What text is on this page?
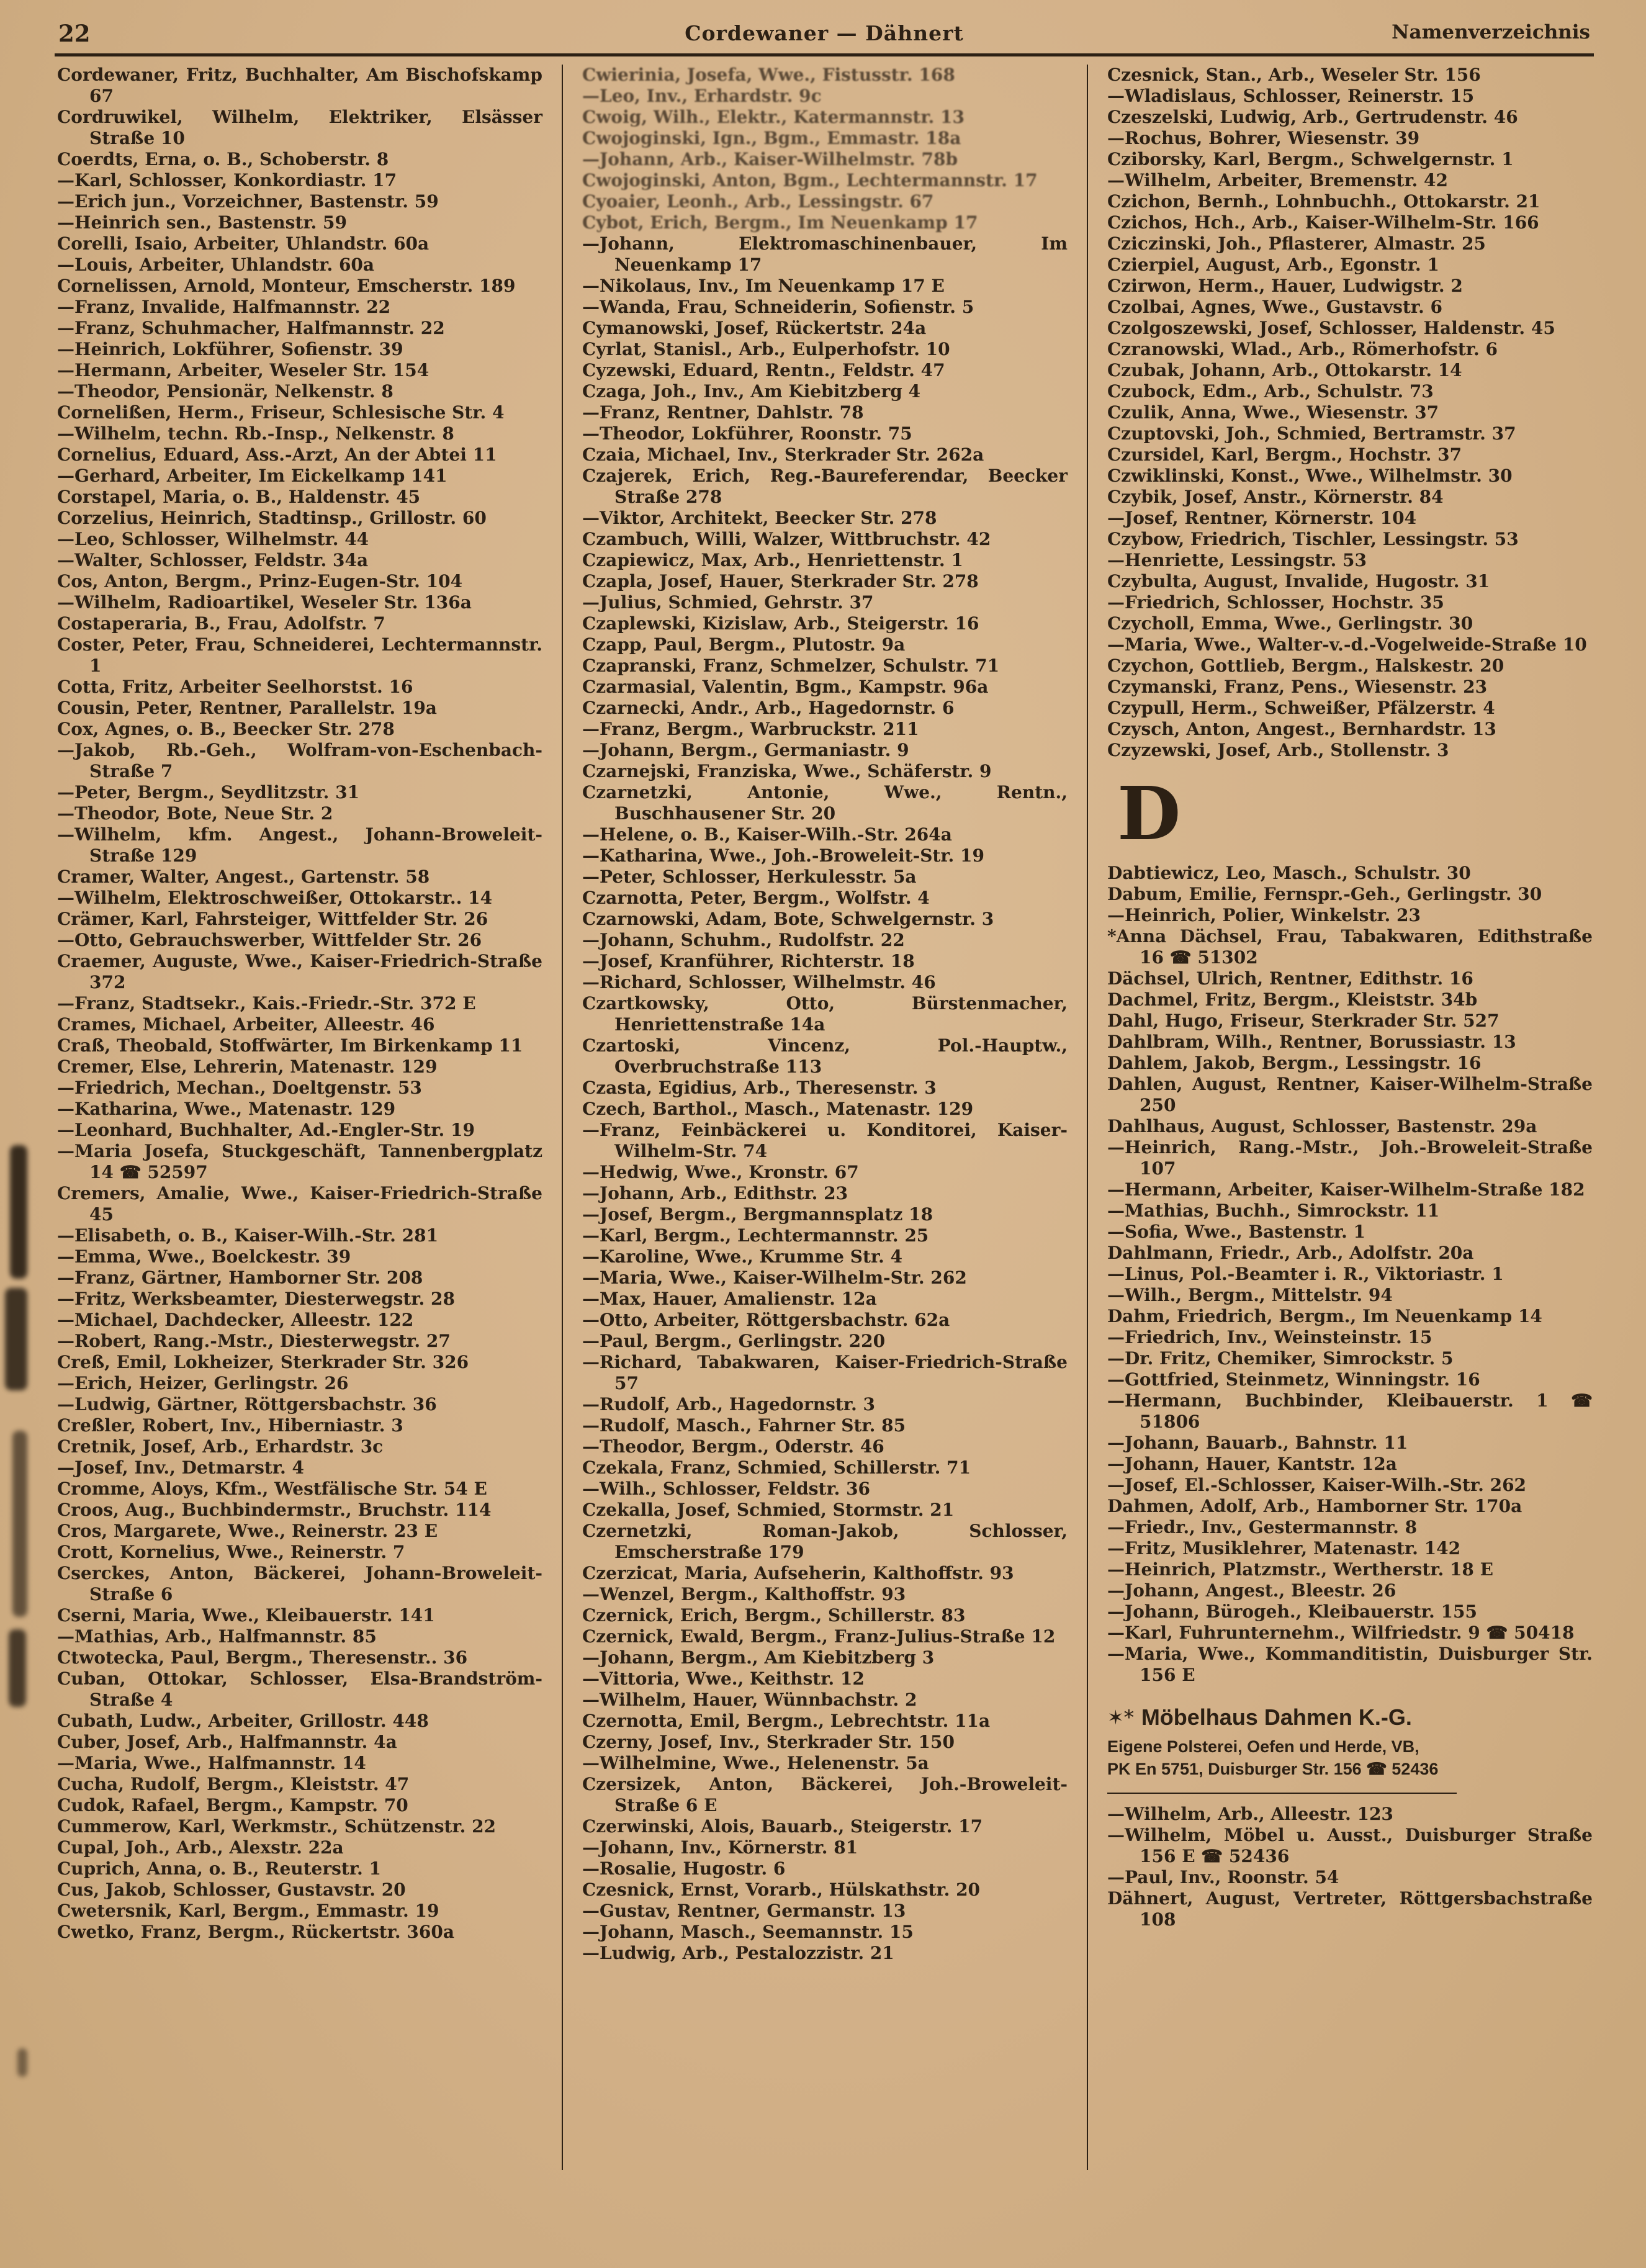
22	Cordewaner — Dähnert	Namenverzeichnis

Cordewaner, Fritz, Buchhalter, Am Bischofskamp 67

Cordruwikel, Wilhelm, Elektriker, Elsässer Straße 10

Coerdts, Erna, o. B., Schoberstr. 8

—Karl, Schlosser, Konkordiastr. 17

—Erich jun., Vorzeichner, Bastenstr. 59

—Heinrich sen., Bastenstr. 59

Corelli, Isaio, Arbeiter, Uhlandstr. 60a

—Louis, Arbeiter, Uhlandstr. 60a

Cornelissen, Arnold, Monteur, Emscherstr. 189

—Franz, Invalide, Halfmannstr. 22

—Franz, Schuhmacher, Halfmannstr. 22

—Heinrich, Lokführer, Sofienstr. 39

—Hermann, Arbeiter, Weseler Str. 154

—Theodor, Pensionär, Nelkenstr. 8

Cornelißen, Herm., Friseur, Schlesische Str. 4

—Wilhelm, techn. Rb.-Insp., Nelkenstr. 8

Cornelius, Eduard, Ass.-Arzt, An der Abtei 11

—Gerhard, Arbeiter, Im Eickelkamp 141

Corstapel, Maria, o. B., Haldenstr. 45

Corzelius, Heinrich, Stadtinsp., Grillostr. 60

—Leo, Schlosser, Wilhelmstr. 44

—Walter, Schlosser, Feldstr. 34a

Cos, Anton, Bergm., Prinz-Eugen-Str. 104

—Wilhelm, Radioartikel, Weseler Str. 136a

Costaperaria, B., Frau, Adolfstr. 7

Coster, Peter, Frau, Schneiderei, Lechtermannstr. 1

Cotta, Fritz, Arbeiter Seelhorstst. 16

Cousin, Peter, Rentner, Parallelstr. 19a

Cox, Agnes, o. B., Beecker Str. 278

—Jakob, Rb.-Geh., Wolfram-von-Eschenbach-Straße 7

—Peter, Bergm., Seydlitzstr. 31

—Theodor, Bote, Neue Str. 2

—Wilhelm, kfm. Angest., Johann-Broweleit-Straße 129

Cramer, Walter, Angest., Gartenstr. 58

—Wilhelm, Elektroschweißer, Ottokarstr.. 14

Crämer, Karl, Fahrsteiger, Wittfelder Str. 26

—Otto, Gebrauchswerber, Wittfelder Str. 26

Craemer, Auguste, Wwe., Kaiser-Friedrich-Straße 372

—Franz, Stadtsekr., Kais.-Friedr.-Str. 372 E

Crames, Michael, Arbeiter, Alleestr. 46

Craß, Theobald, Stoffwärter, Im Birkenkamp 11

Cremer, Else, Lehrerin, Matenastr. 129

—Friedrich, Mechan., Doeltgenstr. 53

—Katharina, Wwe., Matenastr. 129

—Leonhard, Buchhalter, Ad.-Engler-Str. 19

—Maria Josefa, Stuckgeschäft, Tannenbergplatz 14 ☎ 52597

Cremers, Amalie, Wwe., Kaiser-Friedrich-Straße 45

—Elisabeth, o. B., Kaiser-Wilh.-Str. 281

—Emma, Wwe., Boelckestr. 39

—Franz, Gärtner, Hamborner Str. 208

—Fritz, Werksbeamter, Diesterwegstr. 28

—Michael, Dachdecker, Alleestr. 122

—Robert, Rang.-Mstr., Diesterwegstr. 27

Creß, Emil, Lokheizer, Sterkrader Str. 326

—Erich, Heizer, Gerlingstr. 26

—Ludwig, Gärtner, Röttgersbachstr. 36

Creßler, Robert, Inv., Hiberniastr. 3

Cretnik, Josef, Arb., Erhardstr. 3c

—Josef, Inv., Detmarstr. 4

Cromme, Aloys, Kfm., Westfälische Str. 54 E

Croos, Aug., Buchbindermstr., Bruchstr. 114

Cros, Margarete, Wwe., Reinerstr. 23 E

Crott, Kornelius, Wwe., Reinerstr. 7

Cserckes, Anton, Bäckerei, Johann-Broweleit-Straße 6

Cserni, Maria, Wwe., Kleibauerstr. 141

—Mathias, Arb., Halfmannstr. 85

Ctwotecka, Paul, Bergm., Theresenstr.. 36

Cuban, Ottokar, Schlosser, Elsa-Brandström-Straße 4

Cubath, Ludw., Arbeiter, Grillostr. 448

Cuber, Josef, Arb., Halfmannstr. 4a

—Maria, Wwe., Halfmannstr. 14

Cucha, Rudolf, Bergm., Kleiststr. 47

Cudok, Rafael, Bergm., Kampstr. 70

Cummerow, Karl, Werkmstr., Schützenstr. 22

Cupal, Joh., Arb., Alexstr. 22a

Cuprich, Anna, o. B., Reuterstr. 1

Cus, Jakob, Schlosser, Gustavstr. 20

Cwetersnik, Karl, Bergm., Emmastr. 19

Cwetko, Franz, Bergm., Rückertstr. 360a

Cwierinia, Josefa, Wwe., Fistusstr. 168

—Leo, Inv., Erhardstr. 9c

Cwoig, Wilh., Elektr., Katermannstr. 13

Cwojoginski, Ign., Bgm., Emmastr. 18a

—Johann, Arb., Kaiser-Wilhelmstr. 78b

Cwojoginski, Anton, Bgm., Lechtermannstr. 17

Cyoaier, Leonh., Arb., Lessingstr. 67

Cybot, Erich, Bergm., Im Neuenkamp 17

—Johann, Elektromaschinenbauer, Im Neuenkamp 17

—Nikolaus, Inv., Im Neuenkamp 17 E

—Wanda, Frau, Schneiderin, Sofienstr. 5

Cymanowski, Josef, Rückertstr. 24a

Cyrlat, Stanisl., Arb., Eulperhofstr. 10

Cyzewski, Eduard, Rentn., Feldstr. 47

Czaga, Joh., Inv., Am Kiebitzberg 4

—Franz, Rentner, Dahlstr. 78

—Theodor, Lokführer, Roonstr. 75

Czaia, Michael, Inv., Sterkrader Str. 262a

Czajerek, Erich, Reg.-Baureferendar, Beecker Straße 278

—Viktor, Architekt, Beecker Str. 278

Czambuch, Willi, Walzer, Wittbruchstr. 42

Czapiewicz, Max, Arb., Henriettenstr. 1

Czapla, Josef, Hauer, Sterkrader Str. 278

—Julius, Schmied, Gehrstr. 37

Czaplewski, Kizislaw, Arb., Steigerstr. 16

Czapp, Paul, Bergm., Plutostr. 9a

Czapranski, Franz, Schmelzer, Schulstr. 71

Czarmasial, Valentin, Bgm., Kampstr. 96a

Czarnecki, Andr., Arb., Hagedornstr. 6

—Franz, Bergm., Warbruckstr. 211

—Johann, Bergm., Germaniastr. 9

Czarnejski, Franziska, Wwe., Schäferstr. 9

Czarnetzki, Antonie, Wwe., Rentn., Buschhausener Str. 20

—Helene, o. B., Kaiser-Wilh.-Str. 264a

—Katharina, Wwe., Joh.-Broweleit-Str. 19

—Peter, Schlosser, Herkulesstr. 5a

Czarnotta, Peter, Bergm., Wolfstr. 4

Czarnowski, Adam, Bote, Schwelgernstr. 3

—Johann, Schuhm., Rudolfstr. 22

—Josef, Kranführer, Richterstr. 18

—Richard, Schlosser, Wilhelmstr. 46

Czartkowsky, Otto, Bürstenmacher, Henriettenstraße 14a

Czartoski, Vincenz, Pol.-Hauptw., Overbruchstraße 113

Czasta, Egidius, Arb., Theresenstr. 3

Czech, Barthol., Masch., Matenastr. 129

—Franz, Feinbäckerei u. Konditorei, Kaiser-Wilhelm-Str. 74

—Hedwig, Wwe., Kronstr. 67

—Johann, Arb., Edithstr. 23

—Josef, Bergm., Bergmannsplatz 18

—Karl, Bergm., Lechtermannstr. 25

—Karoline, Wwe., Krumme Str. 4

—Maria, Wwe., Kaiser-Wilhelm-Str. 262

—Max, Hauer, Amalienstr. 12a

—Otto, Arbeiter, Röttgersbachstr. 62a

—Paul, Bergm., Gerlingstr. 220

—Richard, Tabakwaren, Kaiser-Friedrich-Straße 57

—Rudolf, Arb., Hagedornstr. 3

—Rudolf, Masch., Fahrner Str. 85

—Theodor, Bergm., Oderstr. 46

Czekala, Franz, Schmied, Schillerstr. 71

—Wilh., Schlosser, Feldstr. 36

Czekalla, Josef, Schmied, Stormstr. 21

Czernetzki, Roman-Jakob, Schlosser, Emscherstraße 179

Czerzicat, Maria, Aufseherin, Kalthoffstr. 93

—Wenzel, Bergm., Kalthoffstr. 93

Czernick, Erich, Bergm., Schillerstr. 83

Czernick, Ewald, Bergm., Franz-Julius-Straße 12

—Johann, Bergm., Am Kiebitzberg 3

—Vittoria, Wwe., Keithstr. 12

—Wilhelm, Hauer, Wünnbachstr. 2

Czernotta, Emil, Bergm., Lebrechtstr. 11a

Czerny, Josef, Inv., Sterkrader Str. 150

—Wilhelmine, Wwe., Helenenstr. 5a

Czersizek, Anton, Bäckerei, Joh.-Broweleit-Straße 6 E

Czerwinski, Alois, Bauarb., Steigerstr. 17

—Johann, Inv., Körnerstr. 81

—Rosalie, Hugostr. 6

Czesnick, Ernst, Vorarb., Hülskathstr. 20

—Gustav, Rentner, Germanstr. 13

—Johann, Masch., Seemannstr. 15

—Ludwig, Arb., Pestalozzistr. 21

Czesnick, Stan., Arb., Weseler Str. 156

—Wladislaus, Schlosser, Reinerstr. 15

Czeszelski, Ludwig, Arb., Gertrudenstr. 46

—Rochus, Bohrer, Wiesenstr. 39

Cziborsky, Karl, Bergm., Schwelgernstr. 1

—Wilhelm, Arbeiter, Bremenstr. 42

Czichon, Bernh., Lohnbuchh., Ottokarstr. 21

Czichos, Hch., Arb., Kaiser-Wilhelm-Str. 166

Cziczinski, Joh., Pflasterer, Almastr. 25

Czierpiel, August, Arb., Egonstr. 1

Czirwon, Herm., Hauer, Ludwigstr. 2

Czolbai, Agnes, Wwe., Gustavstr. 6

Czolgoszewski, Josef, Schlosser, Haldenstr. 45

Czranowski, Wlad., Arb., Römerhofstr. 6

Czubak, Johann, Arb., Ottokarstr. 14

Czubock, Edm., Arb., Schulstr. 73

Czulik, Anna, Wwe., Wiesenstr. 37

Czuptovski, Joh., Schmied, Bertramstr. 37

Czursidel, Karl, Bergm., Hochstr. 37

Czwiklinski, Konst., Wwe., Wilhelmstr. 30

Czybik, Josef, Anstr., Körnerstr. 84

—Josef, Rentner, Körnerstr. 104

Czybow, Friedrich, Tischler, Lessingstr. 53

—Henriette, Lessingstr. 53

Czybulta, August, Invalide, Hugostr. 31

—Friedrich, Schlosser, Hochstr. 35

Czycholl, Emma, Wwe., Gerlingstr. 30

—Maria, Wwe., Walter-v.-d.-Vogelweide-Straße 10

Czychon, Gottlieb, Bergm., Halskestr. 20

Czymanski, Franz, Pens., Wiesenstr. 23

Czypull, Herm., Schweißer, Pfälzerstr. 4

Czysch, Anton, Angest., Bernhardstr. 13

Czyzewski, Josef, Arb., Stollenstr. 3

D

Dabtiewicz, Leo, Masch., Schulstr. 30

Dabum, Emilie, Fernspr.-Geh., Gerlingstr. 30

—Heinrich, Polier, Winkelstr. 23

*Anna Dächsel, Frau, Tabakwaren, Edithstraße 16 ☎ 51302

Dächsel, Ulrich, Rentner, Edithstr. 16

Dachmel, Fritz, Bergm., Kleiststr. 34b

Dahl, Hugo, Friseur, Sterkrader Str. 527

Dahlbram, Wilh., Rentner, Borussiastr. 13

Dahlem, Jakob, Bergm., Lessingstr. 16

Dahlen, August, Rentner, Kaiser-Wilhelm-Straße 250

Dahlhaus, August, Schlosser, Bastenstr. 29a

—Heinrich, Rang.-Mstr., Joh.-Broweleit-Straße 107

—Hermann, Arbeiter, Kaiser-Wilhelm-Straße 182

—Mathias, Buchh., Simrockstr. 11

—Sofia, Wwe., Bastenstr. 1

Dahlmann, Friedr., Arb., Adolfstr. 20a

—Linus, Pol.-Beamter i. R., Viktoriastr. 1

—Wilh., Bergm., Mittelstr. 94

Dahm, Friedrich, Bergm., Im Neuenkamp 14

—Friedrich, Inv., Weinsteinstr. 15

—Dr. Fritz, Chemiker, Simrockstr. 5

—Gottfried, Steinmetz, Winningstr. 16

—Hermann, Buchbinder, Kleibauerstr. 1 ☎ 51806

—Johann, Bauarb., Bahnstr. 11

—Johann, Hauer, Kantstr. 12a

—Josef, El.-Schlosser, Kaiser-Wilh.-Str. 262

Dahmen, Adolf, Arb., Hamborner Str. 170a

—Friedr., Inv., Gestermannstr. 8

—Fritz, Musiklehrer, Matenastr. 142

—Heinrich, Platzmstr., Wertherstr. 18 E

—Johann, Angest., Bleestr. 26

—Johann, Bürogeh., Kleibauerstr. 155

—Karl, Fuhrunternehm., Wilfriedstr. 9 ☎ 50418

—Maria, Wwe., Kommanditistin, Duisburger Str. 156 E

✶* Möbelhaus Dahmen K.-G.
Eigene Polsterei, Oefen und Herde, VB,
PK En 5751, Duisburger Str. 156 ☎ 52436

—Wilhelm, Arb., Alleestr. 123

—Wilhelm, Möbel u. Ausst., Duisburger Straße 156 E ☎ 52436

—Paul, Inv., Roonstr. 54

Dähnert, August, Vertreter, Röttgersbachstraße 108
